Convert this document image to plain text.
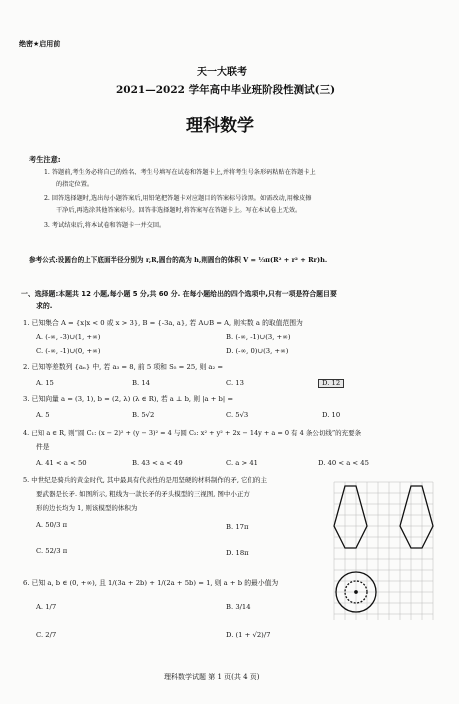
绝密★启用前
天一大联考
2021—2022 学年高中毕业班阶段性测试(三)
理科数学
考生注意:
1. 答题前,考生务必将自己的姓名、考生号填写在试卷和答题卡上,并将考生号条形码粘贴在答题卡上
的指定位置。
2. 回答选择题时,选出每小题答案后,用铅笔把答题卡对应题目的答案标号涂黑。如需改动,用橡皮擦
干净后,再选涂其他答案标号。回答非选择题时,将答案写在答题卡上。写在本试卷上无效。
3. 考试结束后,将本试卷和答题卡一并交回。
参考公式:设圆台的上下底面半径分别为 r,R,圆台的高为 h,则圆台的体积 V = ⅓π(R² + r² + Rr)h.
一、选择题:本题共 12 小题,每小题 5 分,共 60 分. 在每小题给出的四个选项中,只有一项是符合题目要
求的.
1. 已知集合 A = {x|x < 0 或 x > 3}, B = {-3a, a}, 若 A∪B = A, 则实数 a 的取值范围为
A. (-∞, -3)∪(1, +∞)	B. (-∞, -1)∪(3, +∞)
C. (-∞, -1)∪(0, +∞)	D. (-∞, 0)∪(3, +∞)
2. 已知等差数列 {aₙ} 中, 若 a₃ = 8, 前 5 项和 S₅ = 25, 则 a₂ =
A. 15	B. 14	C. 13	D. 12
3. 已知向量 a = (3, 1), b = (2, λ) (λ ∈ R), 若 a ⊥ b, 则 |a + b| =
A. 5	B. 5√2	C. 5√3	D. 10
4. 已知 a ∈ R, 则“圆 C₁: (x − 2)² + (y − 3)² = 4 与圆 C₂: x² + y² + 2x − 14y + a = 0 有 4 条公切线”的充要条
件是
A. 41 < a < 50	B. 43 < a < 49	C. a > 41	D. 40 < a < 45
5. 中世纪是骑兵的黄金时代, 其中最具有代表性的是用坚硬的材料制作的矛, 它们的主
要武器是长矛. 如图所示, 粗线为一款长矛的矛头模型的三视图, 图中小正方
形的边长均为 1, 则该模型的体积为
A. 50/3 π	B. 17π
C. 52/3 π	D. 18π
6. 已知 a, b ∈ (0, +∞), 且 1/(3a + 2b) + 1/(2a + 5b) = 1, 则 a + b 的最小值为
A. 1/7	B. 3/14
C. 2/7	D. (1 + √2)/7
理科数学试题 第 1 页(共 4 页)
